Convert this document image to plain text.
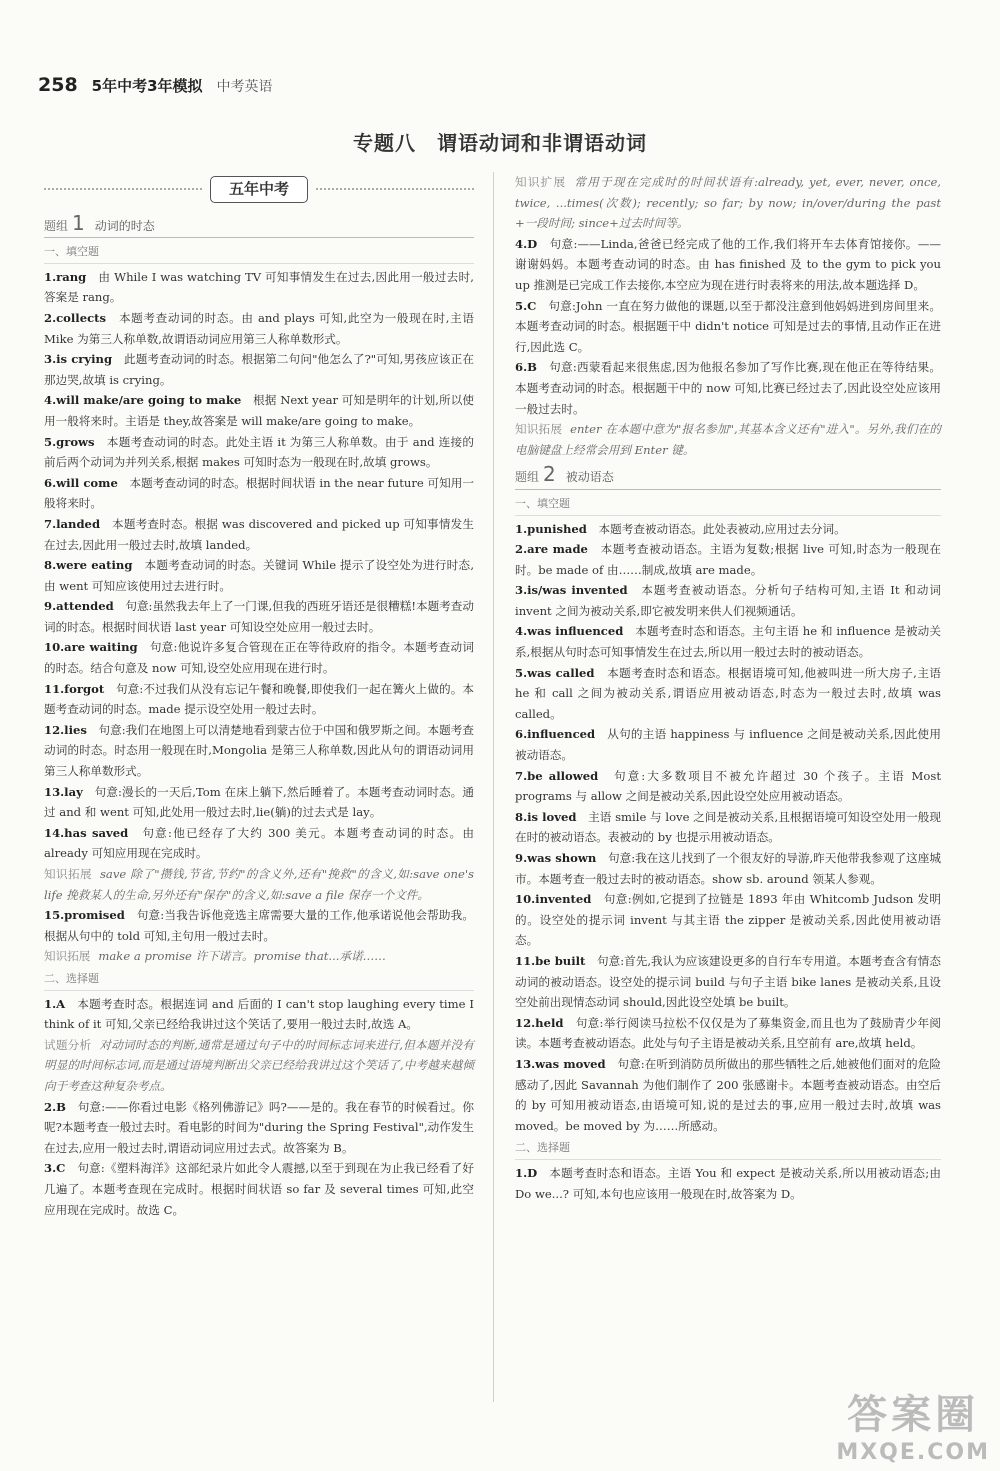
258 5年中考3年模拟 中考英语
专题八　谓语动词和非谓语动词
五年中考
题组 1 动词的时态
一、填空题

1.rang　 由 While I was watching TV 可知事情发生在过去,因此用一般过去时,答案是 rang。

2.collects　 本题考查动词的时态。由 and plays 可知,此空为一般现在时,主语 Mike 为第三人称单数,故谓语动词应用第三人称单数形式。

3.is crying　 此题考查动词的时态。根据第二句问"他怎么了?"可知,男孩应该正在那边哭,故填 is crying。

4.will make/are going to make　 根据 Next year 可知是明年的计划,所以使用一般将来时。主语是 they,故答案是 will make/are going to make。

5.grows　 本题考查动词的时态。此处主语 it 为第三人称单数。由于 and 连接的前后两个动词为并列关系,根据 makes 可知时态为一般现在时,故填 grows。

6.will come　 本题考查动词的时态。根据时间状语 in the near future 可知用一般将来时。

7.landed　 本题考查时态。根据 was discovered and picked up 可知事情发生在过去,因此用一般过去时,故填 landed。

8.were eating　 本题考查动词的时态。关键词 While 提示了设空处为进行时态,由 went 可知应该使用过去进行时。

9.attended　 句意:虽然我去年上了一门课,但我的西班牙语还是很糟糕!本题考查动词的时态。根据时间状语 last year 可知设空处应用一般过去时。

10.are waiting　 句意:他说许多复合管现在正在等待政府的指令。本题考查动词的时态。结合句意及 now 可知,设空处应用现在进行时。

11.forgot　 句意:不过我们从没有忘记午餐和晚餐,即使我们一起在篝火上做的。本题考查动词的时态。made 提示设空处用一般过去时。

12.lies　 句意:我们在地图上可以清楚地看到蒙古位于中国和俄罗斯之间。本题考查动词的时态。时态用一般现在时,Mongolia 是第三人称单数,因此从句的谓语动词用第三人称单数形式。

13.lay　 句意:漫长的一天后,Tom 在床上躺下,然后睡着了。本题考查动词时态。通过 and 和 went 可知,此处用一般过去时,lie(躺)的过去式是 lay。

14.has saved　 句意:他已经存了大约 300 美元。本题考查动词的时态。由 already 可知应用现在完成时。

知识拓展 save 除了"攒钱,节省,节约"的含义外,还有"挽救"的含义,如:save one's life 挽救某人的生命,另外还有"保存"的含义,如:save a file 保存一个文件。

15.promised　 句意:当我告诉他竞选主席需要大量的工作,他承诺说他会帮助我。根据从句中的 told 可知,主句用一般过去时。

知识拓展 make a promise 许下诺言。promise that...承诺……

二、选择题

1.A　 本题考查时态。根据连词 and 后面的 I can't stop laughing every time I think of it 可知,父亲已经给我讲过这个笑话了,要用一般过去时,故选 A。

试题分析 对动词时态的判断,通常是通过句子中的时间标志词来进行,但本题并没有明显的时间标志词,而是通过语境判断出父亲已经给我讲过这个笑话了,中考越来越倾向于考查这种复杂考点。

2.B　 句意:——你看过电影《格列佛游记》吗?——是的。我在春节的时候看过。你呢?本题考查一般过去时。看电影的时间为"during the Spring Festival",动作发生在过去,应用一般过去时,谓语动词应用过去式。故答案为 B。

3.C　 句意:《塑料海洋》这部纪录片如此令人震撼,以至于到现在为止我已经看了好几遍了。本题考查现在完成时。根据时间状语 so far 及 several times 可知,此空应用现在完成时。故选 C。

知识扩展 常用于现在完成时的时间状语有:already, yet, ever, never, once, twice, ...times(次数); recently; so far; by now; in/over/during the past +一段时间; since+过去时间等。

4.D　 句意:——Linda,爸爸已经完成了他的工作,我们将开车去体育馆接你。——谢谢妈妈。本题考查动词的时态。由 has finished 及 to the gym to pick you up 推测是已完成工作去接你,本空应为现在进行时表将来的用法,故本题选择 D。

5.C　 句意:John 一直在努力做他的课题,以至于都没注意到他妈妈进到房间里来。本题考查动词的时态。根据题干中 didn't notice 可知是过去的事情,且动作正在进行,因此选 C。

6.B　 句意:西蒙看起来很焦虑,因为他报名参加了写作比赛,现在他正在等待结果。本题考查动词的时态。根据题干中的 now 可知,比赛已经过去了,因此设空处应该用一般过去时。

知识拓展 enter 在本题中意为"报名参加",其基本含义还有"进入"。另外,我们在的电脑键盘上经常会用到 Enter 键。

题组 2 被动语态
一、填空题

1.punished　 本题考查被动语态。此处表被动,应用过去分词。

2.are made　 本题考查被动语态。主语为复数;根据 live 可知,时态为一般现在时。be made of 由……制成,故填 are made。

3.is/was invented　 本题考查被动语态。分析句子结构可知,主语 It 和动词 invent 之间为被动关系,即它被发明来供人们视频通话。

4.was influenced　 本题考查时态和语态。主句主语 he 和 influence 是被动关系,根据从句时态可知事情发生在过去,所以用一般过去时的被动语态。

5.was called　 本题考查时态和语态。根据语境可知,他被叫进一所大房子,主语 he 和 call 之间为被动关系,谓语应用被动语态,时态为一般过去时,故填 was called。

6.influenced　 从句的主语 happiness 与 influence 之间是被动关系,因此使用被动语态。

7.be allowed　 句意:大多数项目不被允许超过 30 个孩子。主语 Most programs 与 allow 之间是被动关系,因此设空处应用被动语态。

8.is loved　 主语 smile 与 love 之间是被动关系,且根据语境可知设空处用一般现在时的被动语态。表被动的 by 也提示用被动语态。

9.was shown　 句意:我在这儿找到了一个很友好的导游,昨天他带我参观了这座城市。本题考查一般过去时的被动语态。show sb. around 领某人参观。

10.invented　 句意:例如,它提到了拉链是 1893 年由 Whitcomb Judson 发明的。设空处的提示词 invent 与其主语 the zipper 是被动关系,因此使用被动语态。

11.be built　 句意:首先,我认为应该建设更多的自行车专用道。本题考查含有情态动词的被动语态。设空处的提示词 build 与句子主语 bike lanes 是被动关系,且设空处前出现情态动词 should,因此设空处填 be built。

12.held　 句意:举行阅读马拉松不仅仅是为了募集资金,而且也为了鼓励青少年阅读。本题考查被动语态。此处与句子主语是被动关系,且空前有 are,故填 held。

13.was moved　 句意:在听到消防员所做出的那些牺牲之后,她被他们面对的危险感动了,因此 Savannah 为他们制作了 200 张感谢卡。本题考查被动语态。由空后的 by 可知用被动语态,由语境可知,说的是过去的事,应用一般过去时,故填 was moved。be moved by 为……所感动。

二、选择题

1.D　 本题考查时态和语态。主语 You 和 expect 是被动关系,所以用被动语态;由 Do we...? 可知,本句也应该用一般现在时,故答案为 D。

答案圈
MXQE.COM
